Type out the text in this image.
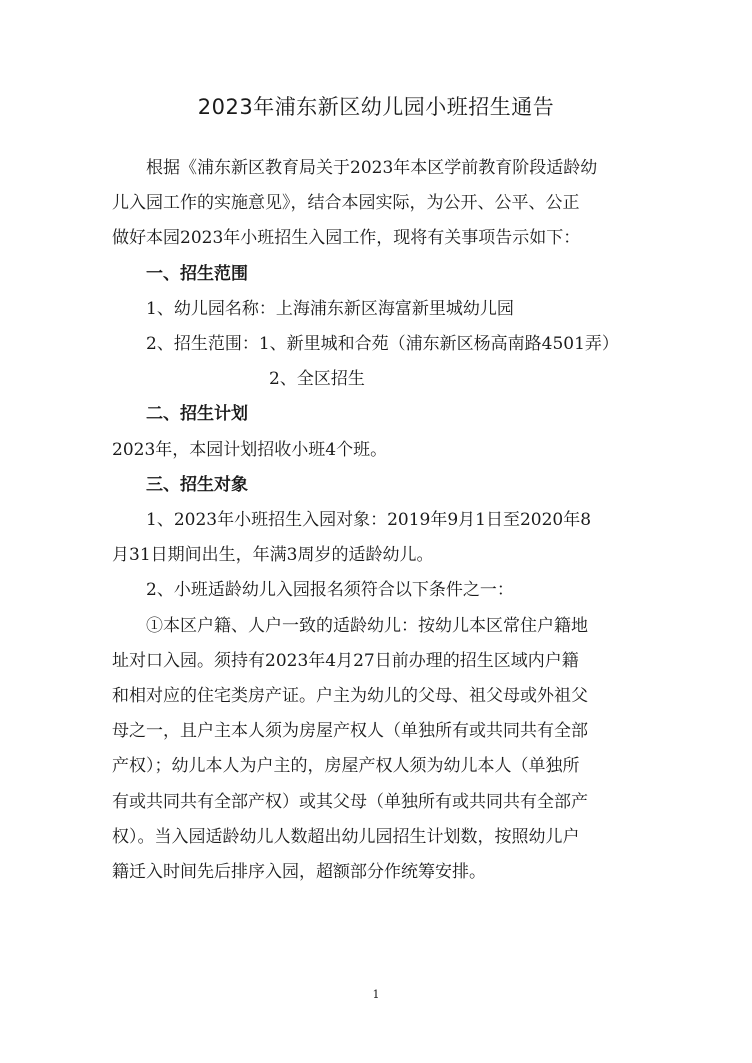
2023年浦东新区幼儿园小班招生通告

根据《浦东新区教育局关于2023年本区学前教育阶段适龄幼

儿入园工作的实施意见》，结合本园实际，为公开、公平、公正

做好本园2023年小班招生入园工作，现将有关事项告示如下：

一、招生范围

1、幼儿园名称：上海浦东新区海富新里城幼儿园

2、招生范围：1、新里城和合苑（浦东新区杨高南路4501弄）

2、全区招生

二、招生计划

2023年，本园计划招收小班4个班。

三、招生对象

1、2023年小班招生入园对象：2019年9月1日至2020年8

月31日期间出生，年满3周岁的适龄幼儿。

2、小班适龄幼儿入园报名须符合以下条件之一：

①本区户籍、人户一致的适龄幼儿：按幼儿本区常住户籍地

址对口入园。须持有2023年4月27日前办理的招生区域内户籍

和相对应的住宅类房产证。户主为幼儿的父母、祖父母或外祖父

母之一，且户主本人须为房屋产权人（单独所有或共同共有全部

产权）；幼儿本人为户主的，房屋产权人须为幼儿本人（单独所

有或共同共有全部产权）或其父母（单独所有或共同共有全部产

权）。当入园适龄幼儿人数超出幼儿园招生计划数，按照幼儿户

籍迁入时间先后排序入园，超额部分作统筹安排。

1
